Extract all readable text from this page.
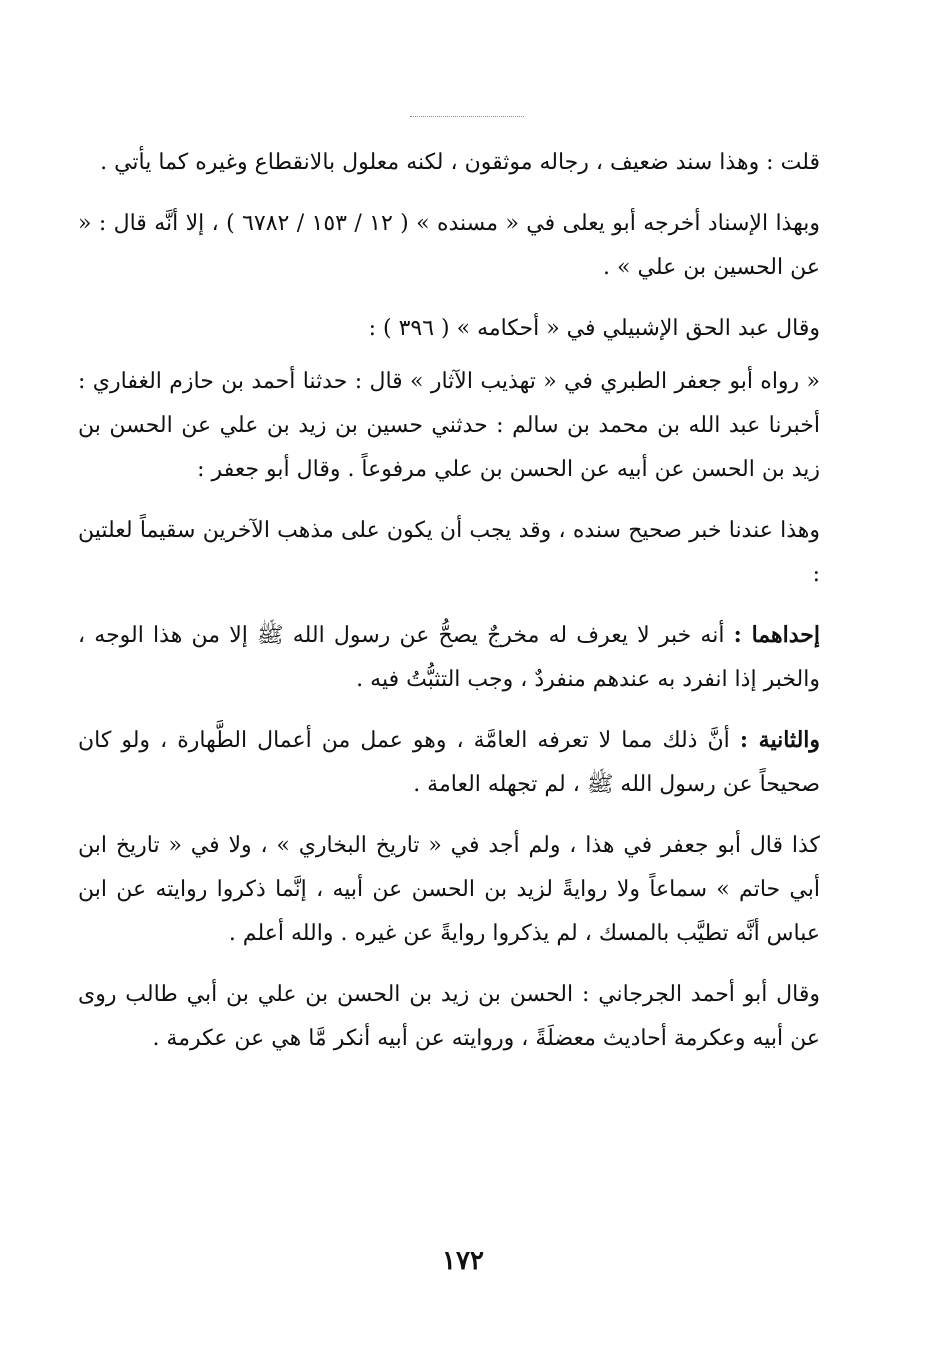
قلت : وهذا سند ضعيف ، رجاله موثقون ، لكنه معلول بالانقطاع وغيره كما يأتي .

وبهذا الإسناد أخرجه أبو يعلى في « مسنده » ( ١٢ / ١٥٣ / ٦٧٨٢ ) ، إلا أنَّه قال : « عن الحسين بن علي » .

وقال عبد الحق الإشبيلي في « أحكامه » ( ٣٩٦ ) :

« رواه أبو جعفر الطبري في « تهذيب الآثار » قال : حدثنا أحمد بن حازم الغفاري : أخبرنا عبد الله بن محمد بن سالم : حدثني حسين بن زيد بن علي عن الحسن بن زيد بن الحسن عن أبيه عن الحسن بن علي مرفوعاً . وقال أبو جعفر :

وهذا عندنا خبر صحيح سنده ، وقد يجب أن يكون على مذهب الآخرين سقيماً لعلتين :

إحداهما : أنه خبر لا يعرف له مخرجٌ يصحُّ عن رسول الله ﷺ إلا من هذا الوجه ، والخبر إذا انفرد به عندهم منفردٌ ، وجب التثبُّتُ فيه .

والثانية : أنَّ ذلك مما لا تعرفه العامَّة ، وهو عمل من أعمال الطَّهارة ، ولو كان صحيحاً عن رسول الله ﷺ ، لم تجهله العامة .

كذا قال أبو جعفر في هذا ، ولم أجد في « تاريخ البخاري » ، ولا في « تاريخ ابن أبي حاتم » سماعاً ولا روايةً لزيد بن الحسن عن أبيه ، إنَّما ذكروا روايته عن ابن عباس أنَّه تطيَّب بالمسك ، لم يذكروا روايةً عن غيره . والله أعلم .

وقال أبو أحمد الجرجاني : الحسن بن زيد بن الحسن بن علي بن أبي طالب روى عن أبيه وعكرمة أحاديث معضلَةً ، وروايته عن أبيه أنكر مَّا هي عن عكرمة .

١٧٢
